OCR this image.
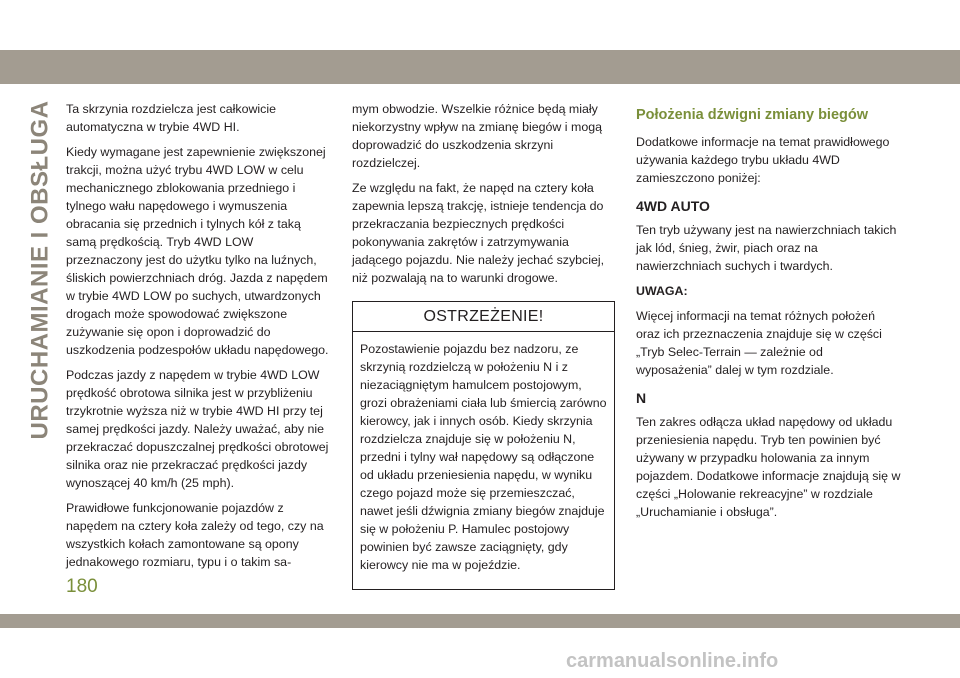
URUCHAMIANIE I OBSŁUGA Ta skrzynia rozdzielcza jest całkowicie automatyczna w trybie 4WD HI.

Kiedy wymagane jest zapewnienie zwiększonej trakcji, można użyć trybu 4WD LOW w celu mechanicznego zblokowania przedniego i tylnego wału napędowego i wymuszenia obracania się przednich i tylnych kół z taką samą prędkością. Tryb 4WD LOW przeznaczony jest do użytku tylko na luźnych, śliskich powierzchniach dróg. Jazda z napędem w trybie 4WD LOW po suchych, utwardzonych drogach może spowodować zwiększone zużywanie się opon i doprowadzić do uszkodzenia podzespołów układu napędowego.

Podczas jazdy z napędem w trybie 4WD LOW prędkość obrotowa silnika jest w przybliżeniu trzykrotnie wyższa niż w trybie 4WD HI przy tej samej prędkości jazdy. Należy uważać, aby nie przekraczać dopuszczalnej prędkości obrotowej silnika oraz nie przekraczać prędkości jazdy wynoszącej 40 km/h (25 mph).

Prawidłowe funkcjonowanie pojazdów z napędem na cztery koła zależy od tego, czy na wszystkich kołach zamontowane są opony jednakowego rozmiaru, typu i o takim sa-

mym obwodzie. Wszelkie różnice będą miały niekorzystny wpływ na zmianę biegów i mogą doprowadzić do uszkodzenia skrzyni rozdzielczej.

Ze względu na fakt, że napęd na cztery koła zapewnia lepszą trakcję, istnieje tendencja do przekraczania bezpiecznych prędkości pokonywania zakrętów i zatrzymywania jadącego pojazdu. Nie należy jechać szybciej, niż pozwalają na to warunki drogowe.

OSTRZEŻENIE!

Pozostawienie pojazdu bez nadzoru, ze skrzynią rozdzielczą w położeniu N i z niezaciągniętym hamulcem postojowym, grozi obrażeniami ciała lub śmiercią zarówno kierowcy, jak i innych osób. Kiedy skrzynia rozdzielcza znajduje się w położeniu N, przedni i tylny wał napędowy są odłączone od układu przeniesienia napędu, w wyniku czego pojazd może się przemieszczać, nawet jeśli dźwignia zmiany biegów znajduje się w położeniu P. Hamulec postojowy powinien być zawsze zaciągnięty, gdy kierowcy nie ma w pojeździe.

Położenia dźwigni zmiany biegów

Dodatkowe informacje na temat prawidłowego używania każdego trybu układu 4WD zamieszczono poniżej:

4WD AUTO

Ten tryb używany jest na nawierzchniach takich jak lód, śnieg, żwir, piach oraz na nawierzchniach suchych i twardych.

UWAGA:

Więcej informacji na temat różnych położeń oraz ich przeznaczenia znajduje się w części „Tryb Selec-Terrain — zależnie od wyposażenia” dalej w tym rozdziale.

N

Ten zakres odłącza układ napędowy od układu przeniesienia napędu. Tryb ten powinien być używany w przypadku holowania za innym pojazdem. Dodatkowe informacje znajdują się w części „Holowanie rekreacyjne” w rozdziale „Uruchamianie i obsługa”.

180
carmanualsonline.info
